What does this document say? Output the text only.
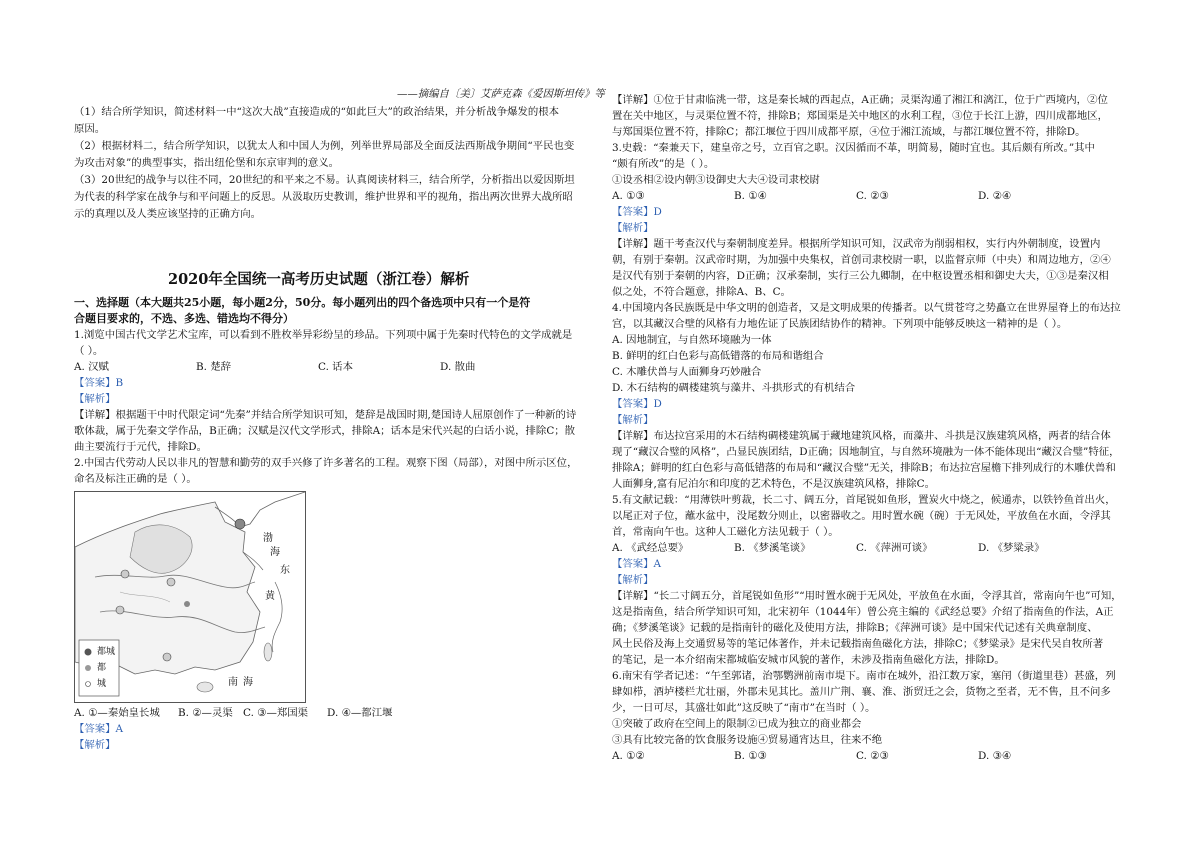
——摘编自〔美〕艾萨克森《爱因斯坦传》等
（1）结合所学知识，简述材料一中“这次大战”直接造成的“如此巨大”的政治结果，并分析战争爆发的根本
原因。
（2）根据材料二，结合所学知识，以犹太人和中国人为例，列举世界局部及全面反法西斯战争期间“平民也变
为攻击对象”的典型事实，指出纽伦堡和东京审判的意义。
（3）20世纪的战争与以往不同，20世纪的和平来之不易。认真阅读材料三，结合所学，分析指出以爱因斯坦
为代表的科学家在战争与和平问题上的反思。从汲取历史教训，维护世界和平的视角，指出两次世界大战所昭
示的真理以及人类应该坚持的正确方向。
2020年全国统一高考历史试题（浙江卷）解析
一、选择题（本大题共25小题，每小题2分，50分。每小题列出的四个备选项中只有一个是符
合题目要求的，不选、多选、错选均不得分）
1.浏览中国古代文学艺术宝库，可以看到不胜枚举异彩纷呈的珍品。下列项中属于先秦时代特色的文学成就是
（ ）。
A. 汉赋	B. 楚辞	C. 话本	D. 散曲
【答案】B
【解析】
【详解】根据题干中时代限定词“先秦”并结合所学知识可知，楚辞是战国时期,楚国诗人屈原创作了一种新的诗
歌体裁，属于先秦文学作品，B正确；汉赋是汉代文学形式，排除A；话本是宋代兴起的白话小说，排除C；散
曲主要流行于元代，排除D。
2.中国古代劳动人民以非凡的智慧和勤劳的双手兴修了许多著名的工程。观察下图（局部），对图中所示区位，
命名及标注正确的是（ ）。
渤
海
东
黄
南 海
都城
都
城
A. ①—秦始皇长城 B. ②—灵渠 C. ③—郑国渠 D. ④—都江堰
【答案】A
【解析】
【详解】①位于甘肃临洮一带，这是秦长城的西起点，A正确；灵渠沟通了湘江和漓江，位于广西境内，②位
置在关中地区，与灵渠位置不符，排除B；郑国渠是关中地区的水利工程，③位于长江上游，四川成都地区，
与郑国渠位置不符，排除C；都江堰位于四川成都平原，④位于湘江流域，与都江堰位置不符，排除D。
3.史载：“秦兼天下，建皇帝之号，立百官之职。汉因循而不革，明简易，随时宜也。其后颇有所改。”其中
“颇有所改”的是（ ）。
①设丞相②设内朝③设御史大夫④设司隶校尉
A. ①③	B. ①④	C. ②③	D. ②④
【答案】D
【解析】
【详解】题干考查汉代与秦朝制度差异。根据所学知识可知，汉武帝为削弱相权，实行内外朝制度，设置内
朝，有别于秦朝。汉武帝时期，为加强中央集权，首创司隶校尉一职，以监督京师（中央）和周边地方，②④
是汉代有别于秦朝的内容，D正确；汉承秦制，实行三公九卿制，在中枢设置丞相和御史大夫，①③是秦汉相
似之处，不符合题意，排除A、B、C。
4.中国境内各民族既是中华文明的创造者，又是文明成果的传播者。以气贯苍穹之势矗立在世界屋脊上的布达拉
宫，以其藏汉合壁的风格有力地佐证了民族团结协作的精神。下列项中能够反映这一精神的是（ ）。
A. 因地制宜，与自然环境融为一体
B. 鲜明的红白色彩与高低错落的布局和谐组合
C. 木雕伏兽与人面狮身巧妙融合
D. 木石结构的碉楼建筑与藻井、斗拱形式的有机结合
【答案】D
【解析】
【详解】布达拉宫采用的木石结构碉楼建筑属于藏地建筑风格，而藻井、斗拱是汉族建筑风格，两者的结合体
现了“藏汉合璧的风格”，凸显民族团结，D正确；因地制宜，与自然环境融为一体不能体现出“藏汉合璧”特征，
排除A；鲜明的红白色彩与高低错落的布局和“藏汉合璧”无关，排除B；布达拉宫屋檐下排列成行的木雕伏兽和
人面狮身,富有尼泊尔和印度的艺术特色，不是汉族建筑风格，排除C。
5.有文献记载：“用薄铁叶剪裁，长二寸、阔五分，首尾锐如鱼形，置炭火中烧之，候通赤，以铁钤鱼首出火，
以尾正对子位，蘸水盆中，没尾数分则止，以密器收之。用时置水碗（碗）于无风处，平放鱼在水面，令浮其
首，常南向午也。这种人工磁化方法见载于（ ）。
A. 《武经总要》	B. 《梦溪笔谈》	C. 《萍洲可谈》	D. 《梦粱录》
【答案】A
【解析】
【详解】“长二寸阔五分，首尾锐如鱼形”“用时置水碗于无风处，平放鱼在水面，令浮其首，常南向午也”可知，
这是指南鱼，结合所学知识可知，北宋初年（1044年）曾公亮主编的《武经总要》介绍了指南鱼的作法，A正
确；《梦溪笔谈》记载的是指南针的磁化及使用方法，排除B；《萍洲可谈》是中国宋代记述有关典章制度、
风土民俗及海上交通贸易等的笔记体著作，并未记载指南鱼磁化方法，排除C；《梦粱录》是宋代吴自牧所著
的笔记，是一本介绍南宋都城临安城市风貌的著作，未涉及指南鱼磁化方法，排除D。
6.南宋有学者记述：“午至郭诸，治鄂鹦洲前南市堤下。南市在城外，沿江数万家，塞闬（街道里巷）甚盛，列
肆如栉，酒垆楼栏尤壮丽，外郡未见其比。盖川广荆、襄、淮、浙贸迁之会，货物之至者，无不售，且不问多
少，一日可尽，其盛壮如此”这反映了“南市”在当时（ ）。
①突破了政府在空间上的限制②已成为独立的商业都会
③具有比较完备的饮食服务设施④贸易通宵达旦，往来不绝
A. ①②	B. ①③	C. ②③	D. ③④
